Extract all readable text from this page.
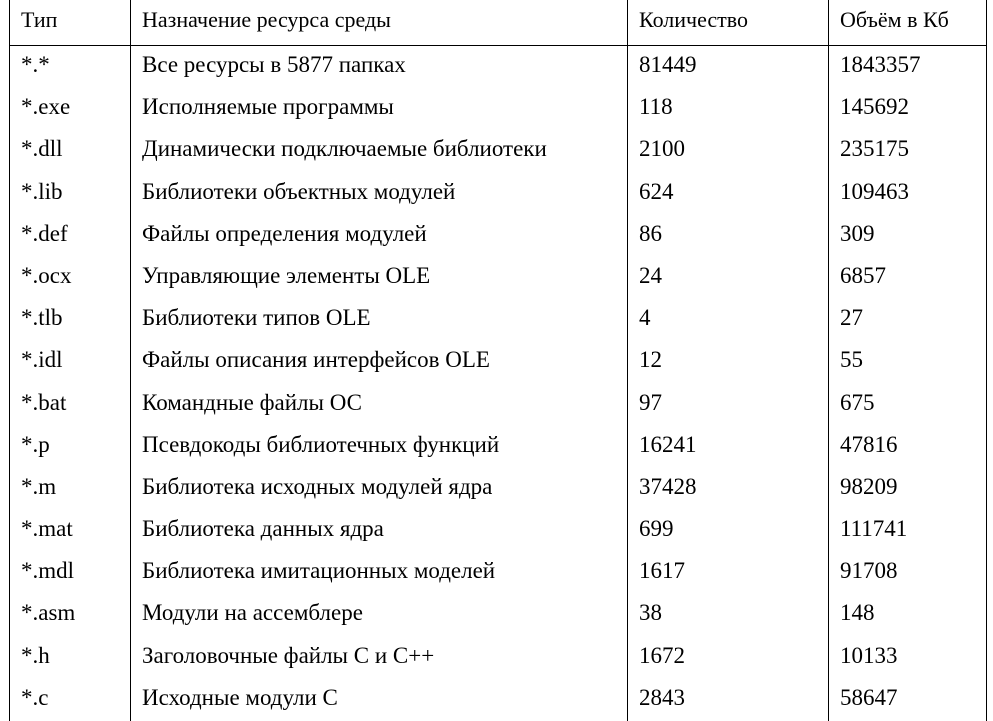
Тип	Назначение ресурса среды	Количество	Объём в Кб
*.*	Все ресурсы в 5877 папках	81449	1843357
*.exe	Исполняемые программы	118	145692
*.dll	Динамически подключаемые библиотеки	2100	235175
*.lib	Библиотеки объектных модулей	624	109463
*.def	Файлы определения модулей	86	309
*.ocx	Управляющие элементы OLE	24	6857
*.tlb	Библиотеки типов OLE	4	27
*.idl	Файлы описания интерфейсов OLE	12	55
*.bat	Командные файлы ОС	97	675
*.p	Псевдокоды библиотечных функций	16241	47816
*.m	Библиотека исходных модулей ядра	37428	98209
*.mat	Библиотека данных ядра	699	111741
*.mdl	Библиотека имитационных моделей	1617	91708
*.asm	Модули на ассемблере	38	148
*.h	Заголовочные файлы С и С++	1672	10133
*.c	Исходные модули С	2843	58647
